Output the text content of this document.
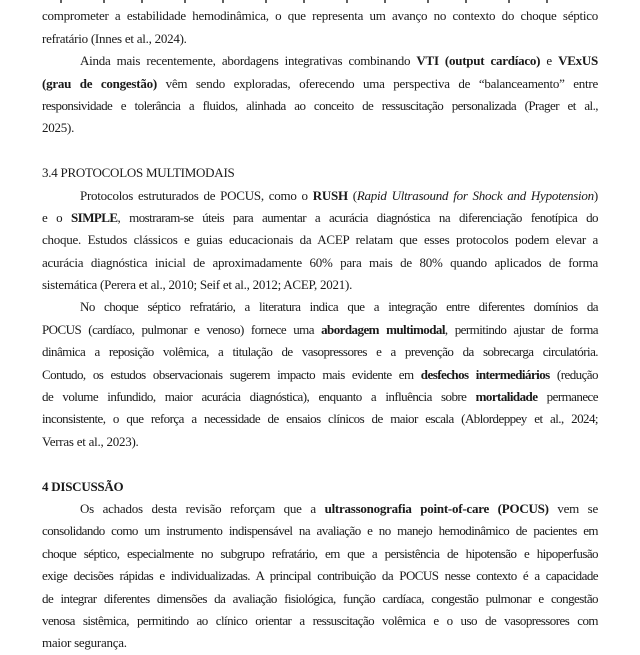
comprometer a estabilidade hemodinâmica, o que representa um avanço no contexto do choque séptico
refratário (Innes et al., 2024).
Ainda mais recentemente, abordagens integrativas combinando VTI (output cardíaco) e VExUS
(grau de congestão) vêm sendo exploradas, oferecendo uma perspectiva de “balanceamento” entre
responsividade e tolerância a fluidos, alinhada ao conceito de ressuscitação personalizada (Prager et al.,
2025).
3.4 PROTOCOLOS MULTIMODAIS
Protocolos estruturados de POCUS, como o RUSH (Rapid Ultrasound for Shock and Hypotension)
e o SIMPLE, mostraram-se úteis para aumentar a acurácia diagnóstica na diferenciação fenotípica do
choque. Estudos clássicos e guias educacionais da ACEP relatam que esses protocolos podem elevar a
acurácia diagnóstica inicial de aproximadamente 60% para mais de 80% quando aplicados de forma
sistemática (Perera et al., 2010; Seif et al., 2012; ACEP, 2021).
No choque séptico refratário, a literatura indica que a integração entre diferentes domínios da
POCUS (cardíaco, pulmonar e venoso) fornece uma abordagem multimodal, permitindo ajustar de forma
dinâmica a reposição volêmica, a titulação de vasopressores e a prevenção da sobrecarga circulatória.
Contudo, os estudos observacionais sugerem impacto mais evidente em desfechos intermediários (redução
de volume infundido, maior acurácia diagnóstica), enquanto a influência sobre mortalidade permanece
inconsistente, o que reforça a necessidade de ensaios clínicos de maior escala (Ablordeppey et al., 2024;
Verras et al., 2023).
4 DISCUSSÃO
Os achados desta revisão reforçam que a ultrassonografia point-of-care (POCUS) vem se
consolidando como um instrumento indispensável na avaliação e no manejo hemodinâmico de pacientes em
choque séptico, especialmente no subgrupo refratário, em que a persistência de hipotensão e hipoperfusão
exige decisões rápidas e individualizadas. A principal contribuição da POCUS nesse contexto é a capacidade
de integrar diferentes dimensões da avaliação fisiológica, função cardíaca, congestão pulmonar e congestão
venosa sistêmica, permitindo ao clínico orientar a ressuscitação volêmica e o uso de vasopressores com
maior segurança.
